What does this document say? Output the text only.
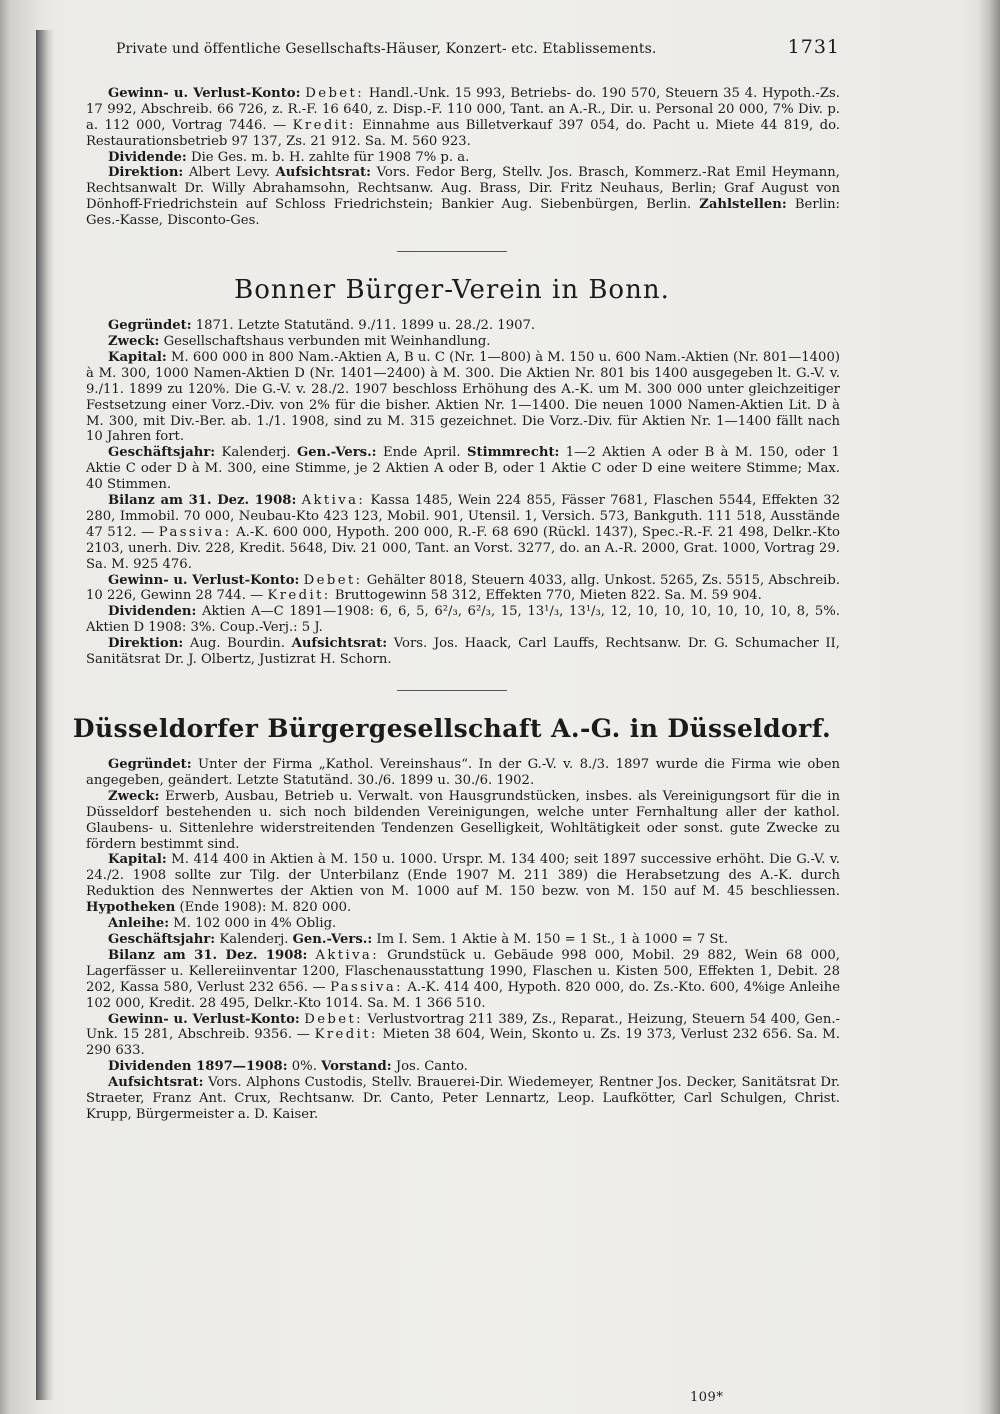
Private und öffentliche Gesellschafts-Häuser, Konzert- etc. Etablissements.	1731

Gewinn- u. Verlust-Konto: Debet: Handl.-Unk. 15 993, Betriebs- do. 190 570, Steuern 35 4. Hypoth.-Zs. 17 992, Abschreib. 66 726, z. R.-F. 16 640, z. Disp.-F. 110 000, Tant. an A.-R., Dir. u. Personal 20 000, 7% Div. p. a. 112 000, Vortrag 7446. — Kredit: Einnahme aus Billetverkauf 397 054, do. Pacht u. Miete 44 819, do. Restaurationsbetrieb 97 137, Zs. 21 912. Sa. M. 560 923.

Dividende: Die Ges. m. b. H. zahlte für 1908 7% p. a.

Direktion: Albert Levy. Aufsichtsrat: Vors. Fedor Berg, Stellv. Jos. Brasch, Kommerz.-Rat Emil Heymann, Rechtsanwalt Dr. Willy Abrahamsohn, Rechtsanw. Aug. Brass, Dir. Fritz Neuhaus, Berlin; Graf August von Dönhoff-Friedrichstein auf Schloss Friedrichstein; Bankier Aug. Siebenbürgen, Berlin. Zahlstellen: Berlin: Ges.-Kasse, Disconto-Ges.

Bonner Bürger-Verein in Bonn.

Gegründet: 1871. Letzte Statutänd. 9./11. 1899 u. 28./2. 1907.

Zweck: Gesellschaftshaus verbunden mit Weinhandlung.

Kapital: M. 600 000 in 800 Nam.-Aktien A, B u. C (Nr. 1—800) à M. 150 u. 600 Nam.-Aktien (Nr. 801—1400) à M. 300, 1000 Namen-Aktien D (Nr. 1401—2400) à M. 300. Die Aktien Nr. 801 bis 1400 ausgegeben lt. G.-V. v. 9./11. 1899 zu 120%. Die G.-V. v. 28./2. 1907 beschloss Erhöhung des A.-K. um M. 300 000 unter gleichzeitiger Festsetzung einer Vorz.-Div. von 2% für die bisher. Aktien Nr. 1—1400. Die neuen 1000 Namen-Aktien Lit. D à M. 300, mit Div.-Ber. ab. 1./1. 1908, sind zu M. 315 gezeichnet. Die Vorz.-Div. für Aktien Nr. 1—1400 fällt nach 10 Jahren fort.

Geschäftsjahr: Kalenderj. Gen.-Vers.: Ende April. Stimmrecht: 1—2 Aktien A oder B à M. 150, oder 1 Aktie C oder D à M. 300, eine Stimme, je 2 Aktien A oder B, oder 1 Aktie C oder D eine weitere Stimme; Max. 40 Stimmen.

Bilanz am 31. Dez. 1908: Aktiva: Kassa 1485, Wein 224 855, Fässer 7681, Flaschen 5544, Effekten 32 280, Immobil. 70 000, Neubau-Kto 423 123, Mobil. 901, Utensil. 1, Versich. 573, Bankguth. 111 518, Ausstände 47 512. — Passiva: A.-K. 600 000, Hypoth. 200 000, R.-F. 68 690 (Rückl. 1437), Spec.-R.-F. 21 498, Delkr.-Kto 2103, unerh. Div. 228, Kredit. 5648, Div. 21 000, Tant. an Vorst. 3277, do. an A.-R. 2000, Grat. 1000, Vortrag 29. Sa. M. 925 476.

Gewinn- u. Verlust-Konto: Debet: Gehälter 8018, Steuern 4033, allg. Unkost. 5265, Zs. 5515, Abschreib. 10 226, Gewinn 28 744. — Kredit: Bruttogewinn 58 312, Effekten 770, Mieten 822. Sa. M. 59 904.

Dividenden: Aktien A—C 1891—1908: 6, 6, 5, 6²/₃, 6²/₃, 15, 13¹/₃, 13¹/₃, 12, 10, 10, 10, 10, 10, 10, 8, 5%. Aktien D 1908: 3%. Coup.-Verj.: 5 J.

Direktion: Aug. Bourdin. Aufsichtsrat: Vors. Jos. Haack, Carl Lauffs, Rechtsanw. Dr. G. Schumacher II, Sanitätsrat Dr. J. Olbertz, Justizrat H. Schorn.

Düsseldorfer Bürgergesellschaft A.-G. in Düsseldorf.

Gegründet: Unter der Firma „Kathol. Vereinshaus“. In der G.-V. v. 8./3. 1897 wurde die Firma wie oben angegeben, geändert. Letzte Statutänd. 30./6. 1899 u. 30./6. 1902.

Zweck: Erwerb, Ausbau, Betrieb u. Verwalt. von Hausgrundstücken, insbes. als Vereinigungsort für die in Düsseldorf bestehenden u. sich noch bildenden Vereinigungen, welche unter Fernhaltung aller der kathol. Glaubens- u. Sittenlehre widerstreitenden Tendenzen Geselligkeit, Wohltätigkeit oder sonst. gute Zwecke zu fördern bestimmt sind.

Kapital: M. 414 400 in Aktien à M. 150 u. 1000. Urspr. M. 134 400; seit 1897 successive erhöht. Die G.-V. v. 24./2. 1908 sollte zur Tilg. der Unterbilanz (Ende 1907 M. 211 389) die Herabsetzung des A.-K. durch Reduktion des Nennwertes der Aktien von M. 1000 auf M. 150 bezw. von M. 150 auf M. 45 beschliessen. Hypotheken (Ende 1908): M. 820 000.

Anleihe: M. 102 000 in 4% Oblig.

Geschäftsjahr: Kalenderj. Gen.-Vers.: Im I. Sem. 1 Aktie à M. 150 = 1 St., 1 à 1000 = 7 St.

Bilanz am 31. Dez. 1908: Aktiva: Grundstück u. Gebäude 998 000, Mobil. 29 882, Wein 68 000, Lagerfässer u. Kellereiinventar 1200, Flaschenausstattung 1990, Flaschen u. Kisten 500, Effekten 1, Debit. 28 202, Kassa 580, Verlust 232 656. — Passiva: A.-K. 414 400, Hypoth. 820 000, do. Zs.-Kto. 600, 4%ige Anleihe 102 000, Kredit. 28 495, Delkr.-Kto 1014. Sa. M. 1 366 510.

Gewinn- u. Verlust-Konto: Debet: Verlustvortrag 211 389, Zs., Reparat., Heizung, Steuern 54 400, Gen.-Unk. 15 281, Abschreib. 9356. — Kredit: Mieten 38 604, Wein, Skonto u. Zs. 19 373, Verlust 232 656. Sa. M. 290 633.

Dividenden 1897—1908: 0%. Vorstand: Jos. Canto.

Aufsichtsrat: Vors. Alphons Custodis, Stellv. Brauerei-Dir. Wiedemeyer, Rentner Jos. Decker, Sanitätsrat Dr. Straeter, Franz Ant. Crux, Rechtsanw. Dr. Canto, Peter Lennartz, Leop. Laufkötter, Carl Schulgen, Christ. Krupp, Bürgermeister a. D. Kaiser.

109*
